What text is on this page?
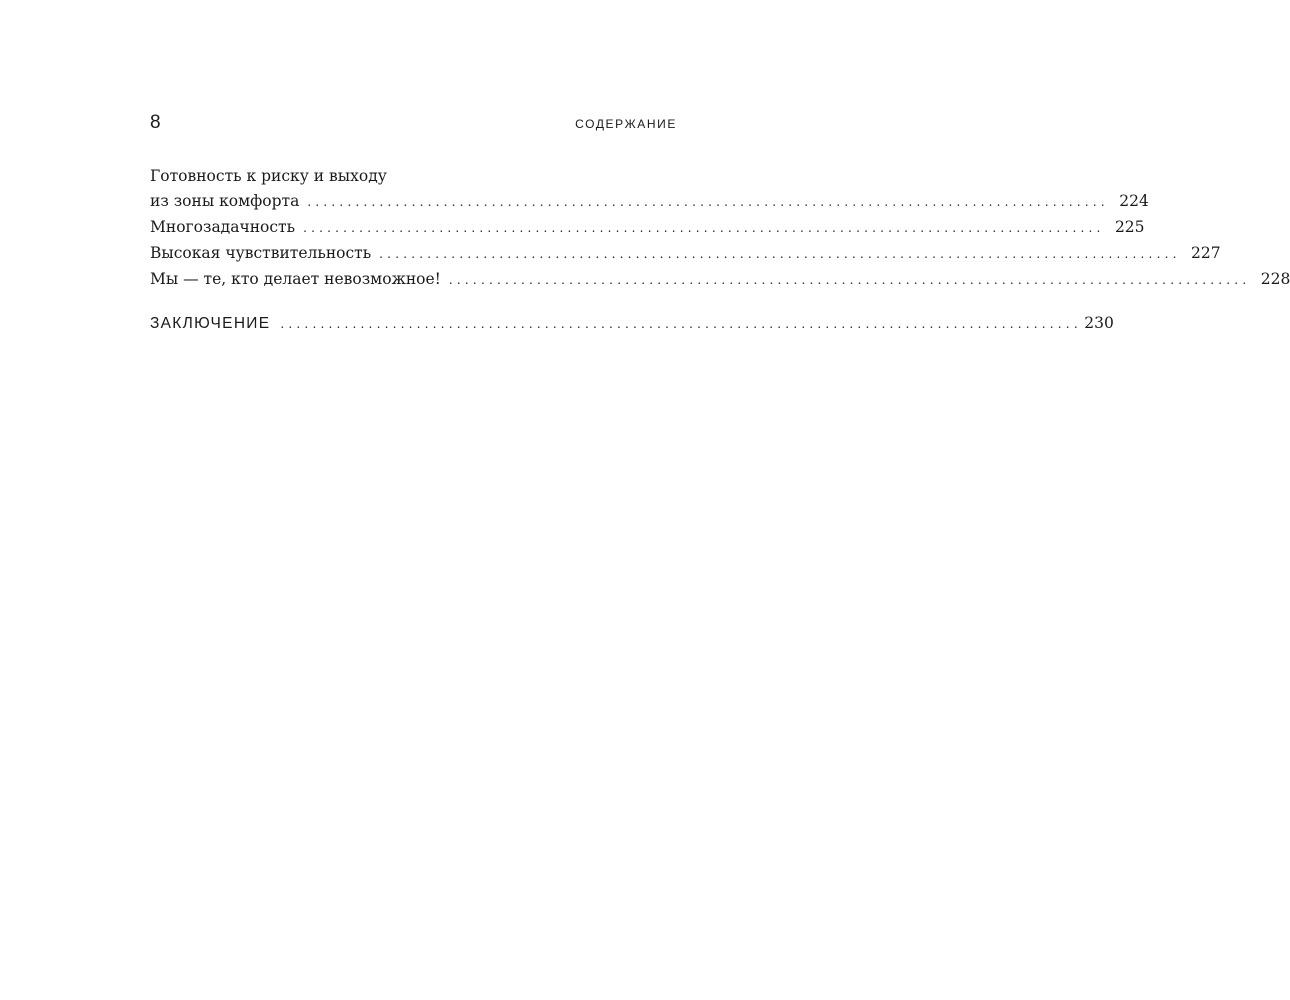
8	СОДЕРЖАНИЕ
Готовность к риску и выходу
из зоны комфорта .................................................................................................... 224
Многозадачность .................................................................................................... 225
Высокая чувствительность .................................................................................................... 227
Мы — те, кто делает невозможное! .................................................................................................... 228
ЗАКЛЮЧЕНИЕ .................................................................................................... 230
